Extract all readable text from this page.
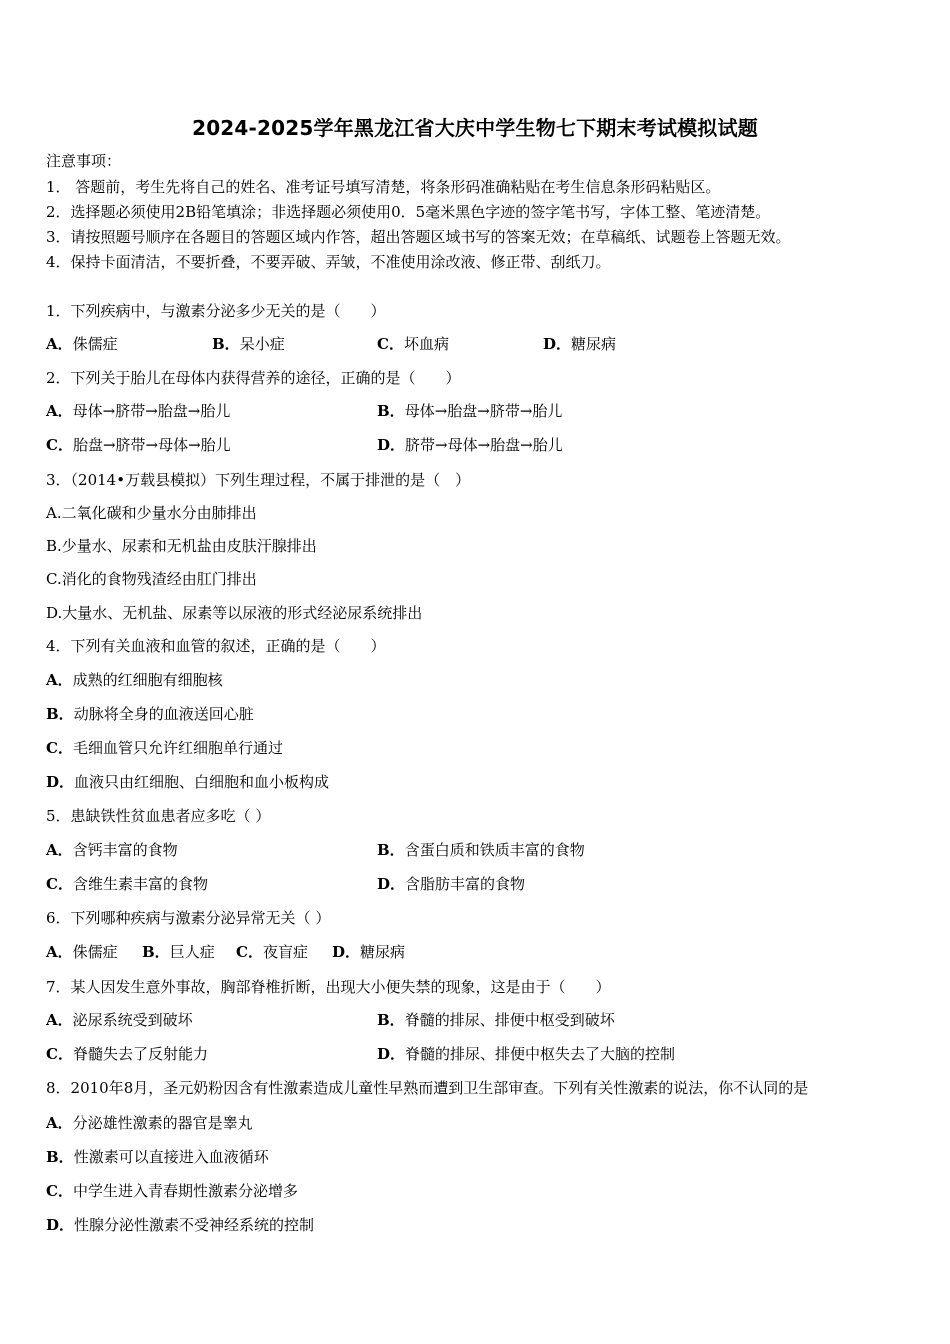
2024-2025学年黑龙江省大庆中学生物七下期末考试模拟试题
注意事项：
1． 答题前，考生先将自己的姓名、准考证号填写清楚，将条形码准确粘贴在考生信息条形码粘贴区。
2．选择题必须使用2B铅笔填涂；非选择题必须使用0．5毫米黑色字迹的签字笔书写，字体工整、笔迹清楚。
3．请按照题号顺序在各题目的答题区域内作答，超出答题区域书写的答案无效；在草稿纸、试题卷上答题无效。
4．保持卡面清洁，不要折叠，不要弄破、弄皱，不准使用涂改液、修正带、刮纸刀。
1．下列疾病中，与激素分泌多少无关的是（　　）
A．侏儒症	B．呆小症	C．坏血病	D．糖尿病
2．下列关于胎儿在母体内获得营养的途径，正确的是（　　）
A．母体→脐带→胎盘→胎儿	B．母体→胎盘→脐带→胎儿
C．胎盘→脐带→母体→胎儿	D．脐带→母体→胎盘→胎儿
3．（2014•万载县模拟）下列生理过程，不属于排泄的是（　）
A.二氧化碳和少量水分由肺排出
B.少量水、尿素和无机盐由皮肤汗腺排出
C.消化的食物残渣经由肛门排出
D.大量水、无机盐、尿素等以尿液的形式经泌尿系统排出
4．下列有关血液和血管的叙述，正确的是（　　）
A．成熟的红细胞有细胞核
B．动脉将全身的血液送回心脏
C．毛细血管只允许红细胞单行通过
D．血液只由红细胞、白细胞和血小板构成
5．患缺铁性贫血患者应多吃（ ）
A．含钙丰富的食物	B．含蛋白质和铁质丰富的食物
C．含维生素丰富的食物	D．含脂肪丰富的食物
6．下列哪种疾病与激素分泌异常无关（ ）
A．侏儒症 B．巨人症 C．夜盲症 D．糖尿病
7．某人因发生意外事故，胸部脊椎折断，出现大小便失禁的现象，这是由于（　　）
A．泌尿系统受到破坏	B．脊髓的排尿、排便中枢受到破坏
C．脊髓失去了反射能力	D．脊髓的排尿、排便中枢失去了大脑的控制
8．2010年8月，圣元奶粉因含有性激素造成儿童性早熟而遭到卫生部审查。下列有关性激素的说法，你不认同的是
A．分泌雄性激素的器官是睾丸
B．性激素可以直接进入血液循环
C．中学生进入青春期性激素分泌增多
D．性腺分泌性激素不受神经系统的控制
